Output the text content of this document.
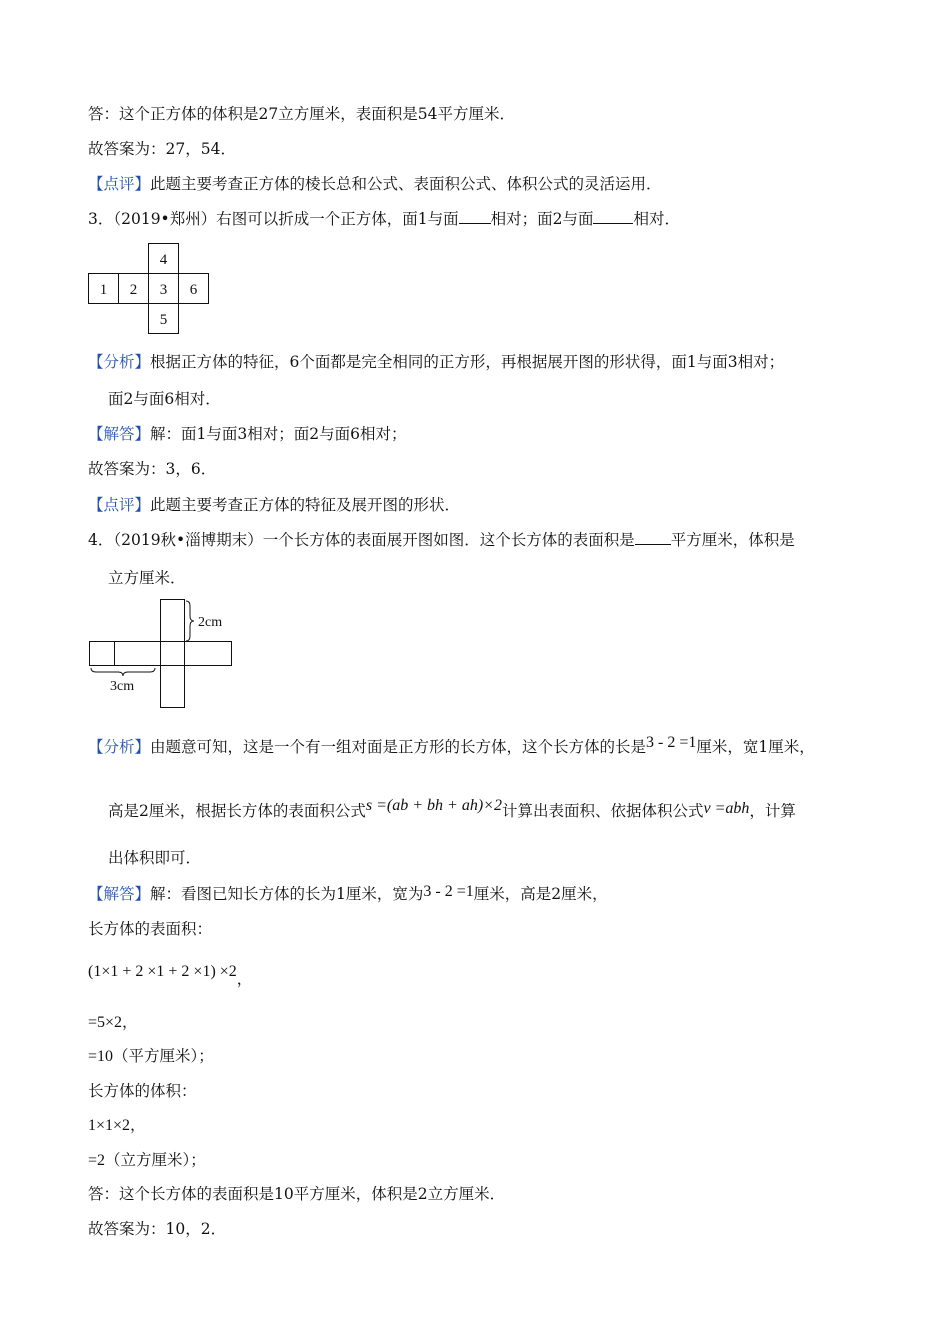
答：这个正方体的体积是27立方厘米，表面积是54平方厘米．
故答案为：27，54．
【点评】此题主要考查正方体的棱长总和公式、表面积公式、体积公式的灵活运用．
3．（2019•郑州）右图可以折成一个正方体，面1与面 相对；面2与面	相对．
4
1 2 3 6
5
【分析】根据正方体的特征，6个面都是完全相同的正方形，再根据展开图的形状得，面1与面3相对；
面2与面6相对．
【解答】解：面1与面3相对；面2与面6相对；
故答案为：3，6．
【点评】此题主要考查正方体的特征及展开图的形状．
4．（2019秋•淄博期末）一个长方体的表面展开图如图．这个长方体的表面积是 平方厘米，体积是
立方厘米．
2cm
3cm
【分析】由题意可知，这是一个有一组对面是正方形的长方体，这个长方体的长是3 - 2 =1厘米，宽1厘米，
高是2厘米，根据长方体的表面积公式s =(ab + bh + ah)×2计算出表面积、依据体积公式v =abh，计算
出体积即可．
【解答】解：看图已知长方体的长为1厘米，宽为3 - 2 =1厘米，高是2厘米，
长方体的表面积：
(1×1 + 2 ×1 + 2 ×1) ×2，
=5×2，
=10（平方厘米）；
长方体的体积：
1×1×2，
=2（立方厘米）；
答：这个长方体的表面积是10平方厘米，体积是2立方厘米．
故答案为：10，2．
